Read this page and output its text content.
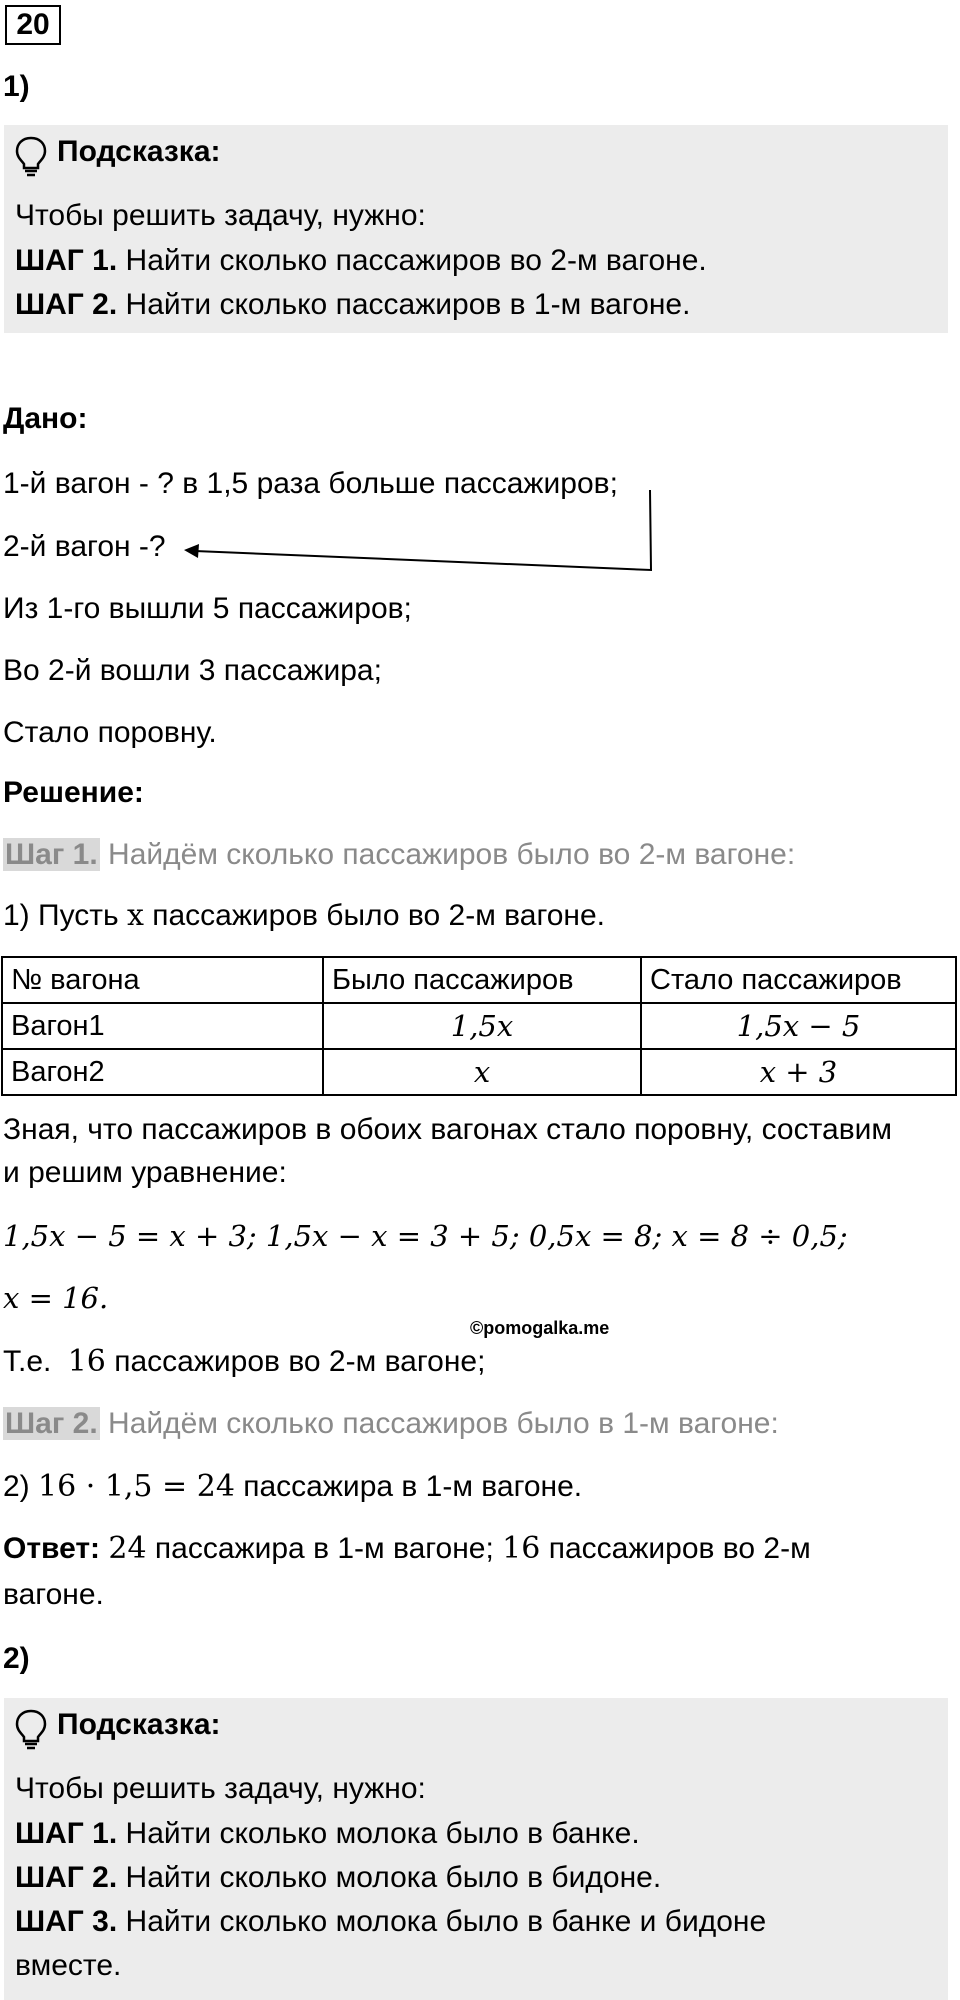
20
1)
Подсказка:
Чтобы решить задачу, нужно:
ШАГ 1. Найти сколько пассажиров во 2-м вагоне.
ШАГ 2. Найти сколько пассажиров в 1-м вагоне.
Дано:
1-й вагон - ? в 1,5 раза больше пассажиров;
2-й вагон -?
Из 1-го вышли 5 пассажиров;
Во 2-й вошли 3 пассажира;
Стало поровну.
Решение:
Шаг 1. Найдём сколько пассажиров было во 2-м вагоне:
1) Пусть x пассажиров было во 2-м вагоне.
№ вагона	Было пассажиров	Стало пассажиров
Вагон1	1,5x	1,5x − 5
Вагон2	x	x + 3
Зная, что пассажиров в обоих вагонах стало поровну, составим
и решим уравнение:
1,5x − 5 = x + 3; 1,5x − x = 3 + 5; 0,5x = 8; x = 8 ÷ 0,5;
x = 16.
©pomogalka.me
Т.е. 16 пассажиров во 2-м вагоне;
Шаг 2. Найдём сколько пассажиров было в 1-м вагоне:
2) 16 · 1,5 = 24 пассажира в 1-м вагоне.
Ответ: 24 пассажира в 1-м вагоне; 16 пассажиров во 2-м
вагоне.
2)
Подсказка:
Чтобы решить задачу, нужно:
ШАГ 1. Найти сколько молока было в банке.
ШАГ 2. Найти сколько молока было в бидоне.
ШАГ 3. Найти сколько молока было в банке и бидоне
вместе.
